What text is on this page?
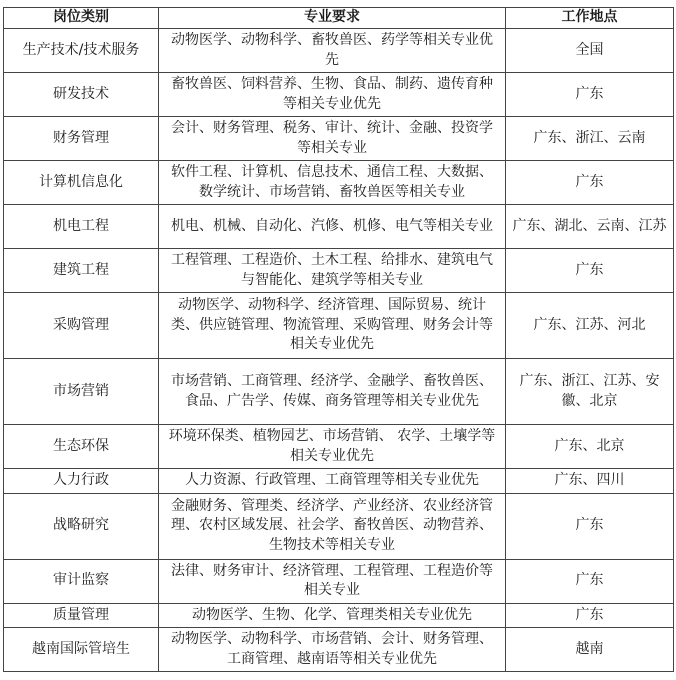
岗位类别	专业要求	工作地点
生产技术/技术服务	动物医学、动物科学、畜牧兽医、药学等相关专业优先	全国
研发技术	畜牧兽医、饲料营养、生物、食品、制药、遗传育种等相关专业优先	广东
财务管理	会计、财务管理、税务、审计、统计、金融、投资学等相关专业	广东、浙江、云南
计算机信息化	软件工程、计算机、信息技术、通信工程、大数据、数学统计、市场营销、畜牧兽医等相关专业	广东
机电工程	机电、机械、自动化、汽修、机修、电气等相关专业	广东、湖北、云南、江苏
建筑工程	工程管理、工程造价、土木工程、给排水、建筑电气与智能化、建筑学等相关专业	广东
采购管理	动物医学、动物科学、经济管理、国际贸易、统计类、供应链管理、物流管理、采购管理、财务会计等相关专业优先	广东、江苏、河北
市场营销	市场营销、工商管理、经济学、金融学、畜牧兽医、食品、广告学、传媒、商务管理等相关专业优先	广东、浙江、江苏、安徽、北京
生态环保	环境环保类、植物园艺、市场营销、 农学、土壤学等相关专业优先	广东、北京
人力行政	人力资源、行政管理、工商管理等相关专业优先	广东、四川
战略研究	金融财务、管理类、经济学、产业经济、农业经济管理、农村区域发展、社会学、畜牧兽医、动物营养、生物技术等相关专业	广东
审计监察	法律、财务审计、经济管理、工程管理、工程造价等相关专业	广东
质量管理	动物医学、生物、化学、管理类相关专业优先	广东
越南国际管培生	动物医学、动物科学、市场营销、会计、财务管理、工商管理、越南语等相关专业优先	越南
